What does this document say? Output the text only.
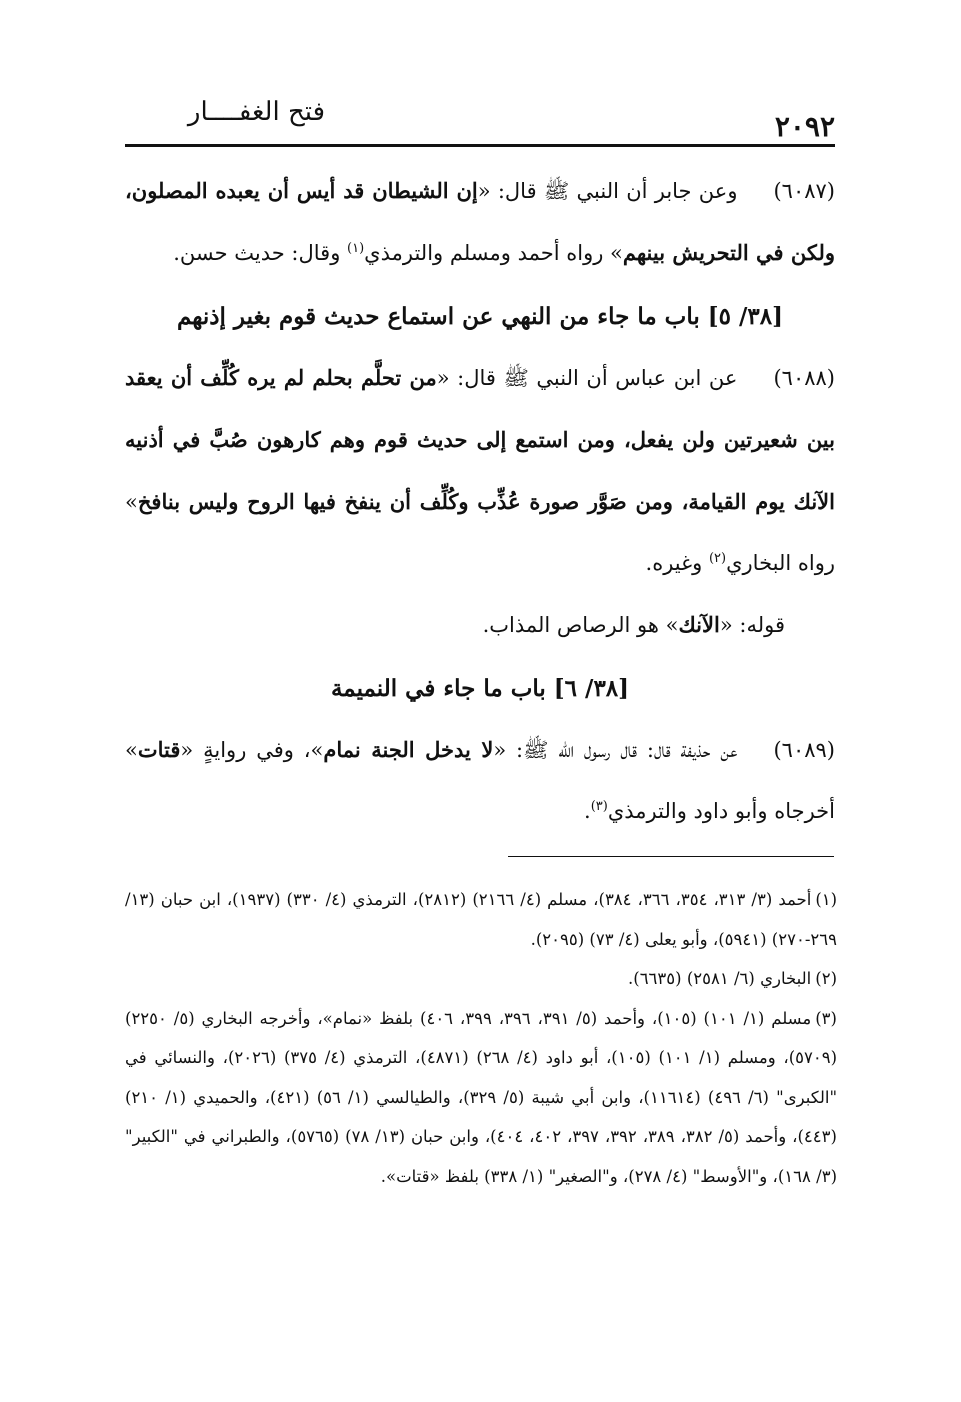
٢٠٩٢
فتح الغفــــار

(٦٠٨٧)وعن جابر أن النبي ﷺ قال: «إن الشيطان قد أيس أن يعبده المصلون، ولكن في التحريش بينهم» رواه أحمد ومسلم والترمذي$^{(١)}$ وقال: حديث حسن.

[٣٨/ ٥] باب ما جاء من النهي عن استماع حديث قوم بغير إذنهم

(٦٠٨٨)عن ابن عباس أن النبي ﷺ قال: «من تحلَّم بحلم لم يره كُلِّف أن يعقد بين شعيرتين ولن يفعل، ومن استمع إلى حديث قوم وهم كارهون صُبَّ في أذنيه الآنك يوم القيامة، ومن صَوَّر صورة عُذِّب وكُلِّف أن ينفخ فيها الروح وليس بنافخ» رواه البخاري$^{(٢)}$ وغيره.

قوله: «الآنك» هو الرصاص المذاب.

[٣٨/ ٦] باب ما جاء في النميمة

(٦٠٨٩)عن حذيفة قال: قال رسول الله ﷺ: «لا يدخل الجنة نمام»، وفي روايةٍ «قتات» أخرجاه وأبو داود والترمذي$^{(٣)}$.

(١)أحمد (٣/ ٣١٣، ٣٥٤، ٣٦٦، ٣٨٤)، مسلم (٤/ ٢١٦٦) (٢٨١٢)، الترمذي (٤/ ٣٣٠) (١٩٣٧)، ابن حبان (١٣/ ٢٦٩-٢٧٠) (٥٩٤١)، وأبو يعلى (٤/ ٧٣) (٢٠٩٥).

(٢)البخاري (٦/ ٢٥٨١) (٦٦٣٥).

(٣)مسلم (١/ ١٠١) (١٠٥)، وأحمد (٥/ ٣٩١، ٣٩٦، ٣٩٩، ٤٠٦) بلفظ «نمام»، وأخرجه البخاري (٥/ ٢٢٥٠) (٥٧٠٩)، ومسلم (١/ ١٠١) (١٠٥)، أبو داود (٤/ ٢٦٨) (٤٨٧١)، الترمذي (٤/ ٣٧٥) (٢٠٢٦)، والنسائي في "الكبرى" (٦/ ٤٩٦) (١١٦١٤)، وابن أبي شيبة (٥/ ٣٢٩)، والطيالسي (١/ ٥٦) (٤٢١)، والحميدي (١/ ٢١٠) (٤٤٣)، وأحمد (٥/ ٣٨٢، ٣٨٩، ٣٩٢، ٣٩٧، ٤٠٢، ٤٠٤)، وابن حبان (١٣/ ٧٨) (٥٧٦٥)، والطبراني في "الكبير" (٣/ ١٦٨)، و"الأوسط" (٤/ ٢٧٨)، و"الصغير" (١/ ٣٣٨) بلفظ «قتات».
